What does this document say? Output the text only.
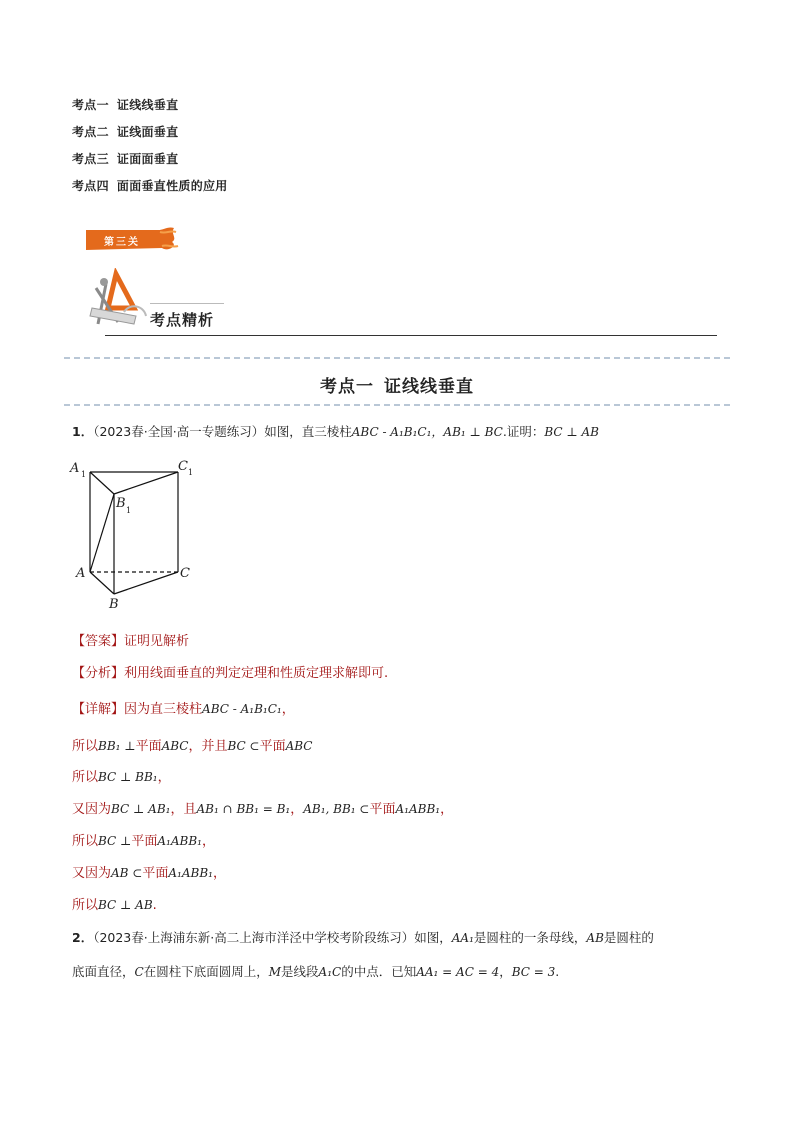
考点一 证线线垂直
考点二 证线面垂直
考点三 证面面垂直
考点四 面面垂直性质的应用
第三关
考点精析
考点一 证线线垂直
1．（2023春·全国·高一专题练习）如图，直三棱柱ABC - A₁B₁C₁，AB₁ ⊥ BC.证明：BC ⊥ AB
A 1
C 1
B 1
A	C
B
【答案】证明见解析
【分析】利用线面垂直的判定定理和性质定理求解即可.
【详解】因为直三棱柱ABC - A₁B₁C₁，
所以BB₁ ⊥平面ABC，并且BC ⊂平面ABC
所以BC ⊥ BB₁，
又因为BC ⊥ AB₁，且AB₁ ∩ BB₁ = B₁，AB₁, BB₁ ⊂平面A₁ABB₁，
所以BC ⊥平面A₁ABB₁，
又因为AB ⊂平面A₁ABB₁，
所以BC ⊥ AB.
2．（2023春·上海浦东新·高二上海市洋泾中学校考阶段练习）如图，AA₁是圆柱的一条母线，AB是圆柱的
底面直径，C在圆柱下底面圆周上，M是线段A₁C的中点．已知AA₁ = AC = 4，BC = 3.
